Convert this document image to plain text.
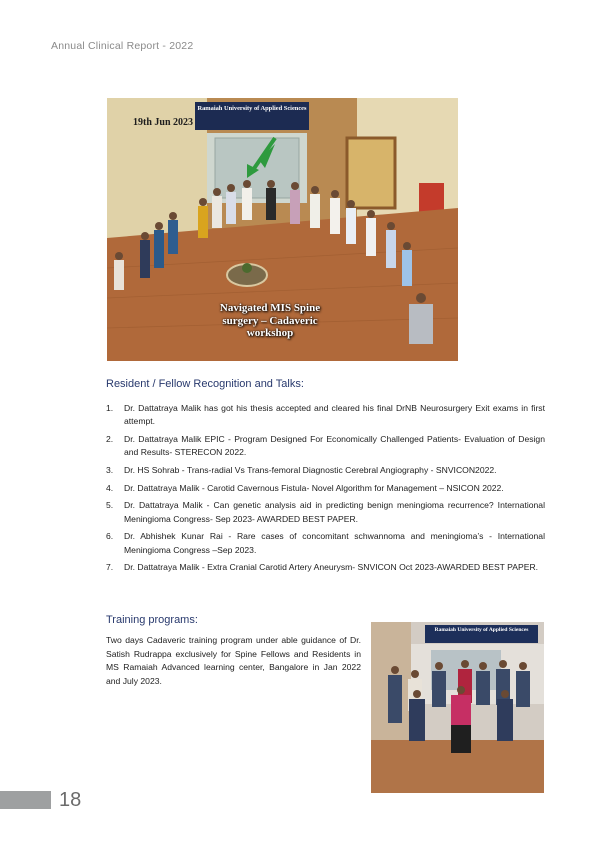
Annual Clinical Report - 2022
Ramaiah University of Applied Sciences
19th Jun 2023
Navigated MIS Spine surgery – Cadaveric workshop
Resident / Fellow Recognition and Talks:
1. Dr. Dattatraya Malik has got his thesis accepted and cleared his final DrNB Neurosurgery Exit exams in first attempt.
2. Dr. Dattatraya Malik EPIC - Program Designed For Economically Challenged Patients- Evaluation of Design and Results- STERECON 2022.
3. Dr. HS Sohrab - Trans-radial Vs Trans-femoral Diagnostic Cerebral Angiography - SNVICON2022.
4. Dr. Dattatraya Malik - Carotid Cavernous Fistula- Novel Algorithm for Management – NSICON 2022.
5. Dr. Dattatraya Malik - Can genetic analysis aid in predicting benign meningioma recurrence? International Meningioma Congress- Sep 2023- AWARDED BEST PAPER.
6. Dr. Abhishek Kunar Rai - Rare cases of concomitant schwannoma and meningioma’s - International Meningioma Congress –Sep 2023.
7. Dr. Dattatraya Malik - Extra Cranial Carotid Artery Aneurysm- SNVICON Oct 2023-AWARDED BEST PAPER.
Training programs:

Two days Cadaveric training program under able guidance of Dr. Satish Rudrappa exclusively for Spine Fellows and Residents in MS Ramaiah Advanced learning center, Bangalore in Jan 2022 and July 2023.

Ramaiah University of Applied Sciences
18
